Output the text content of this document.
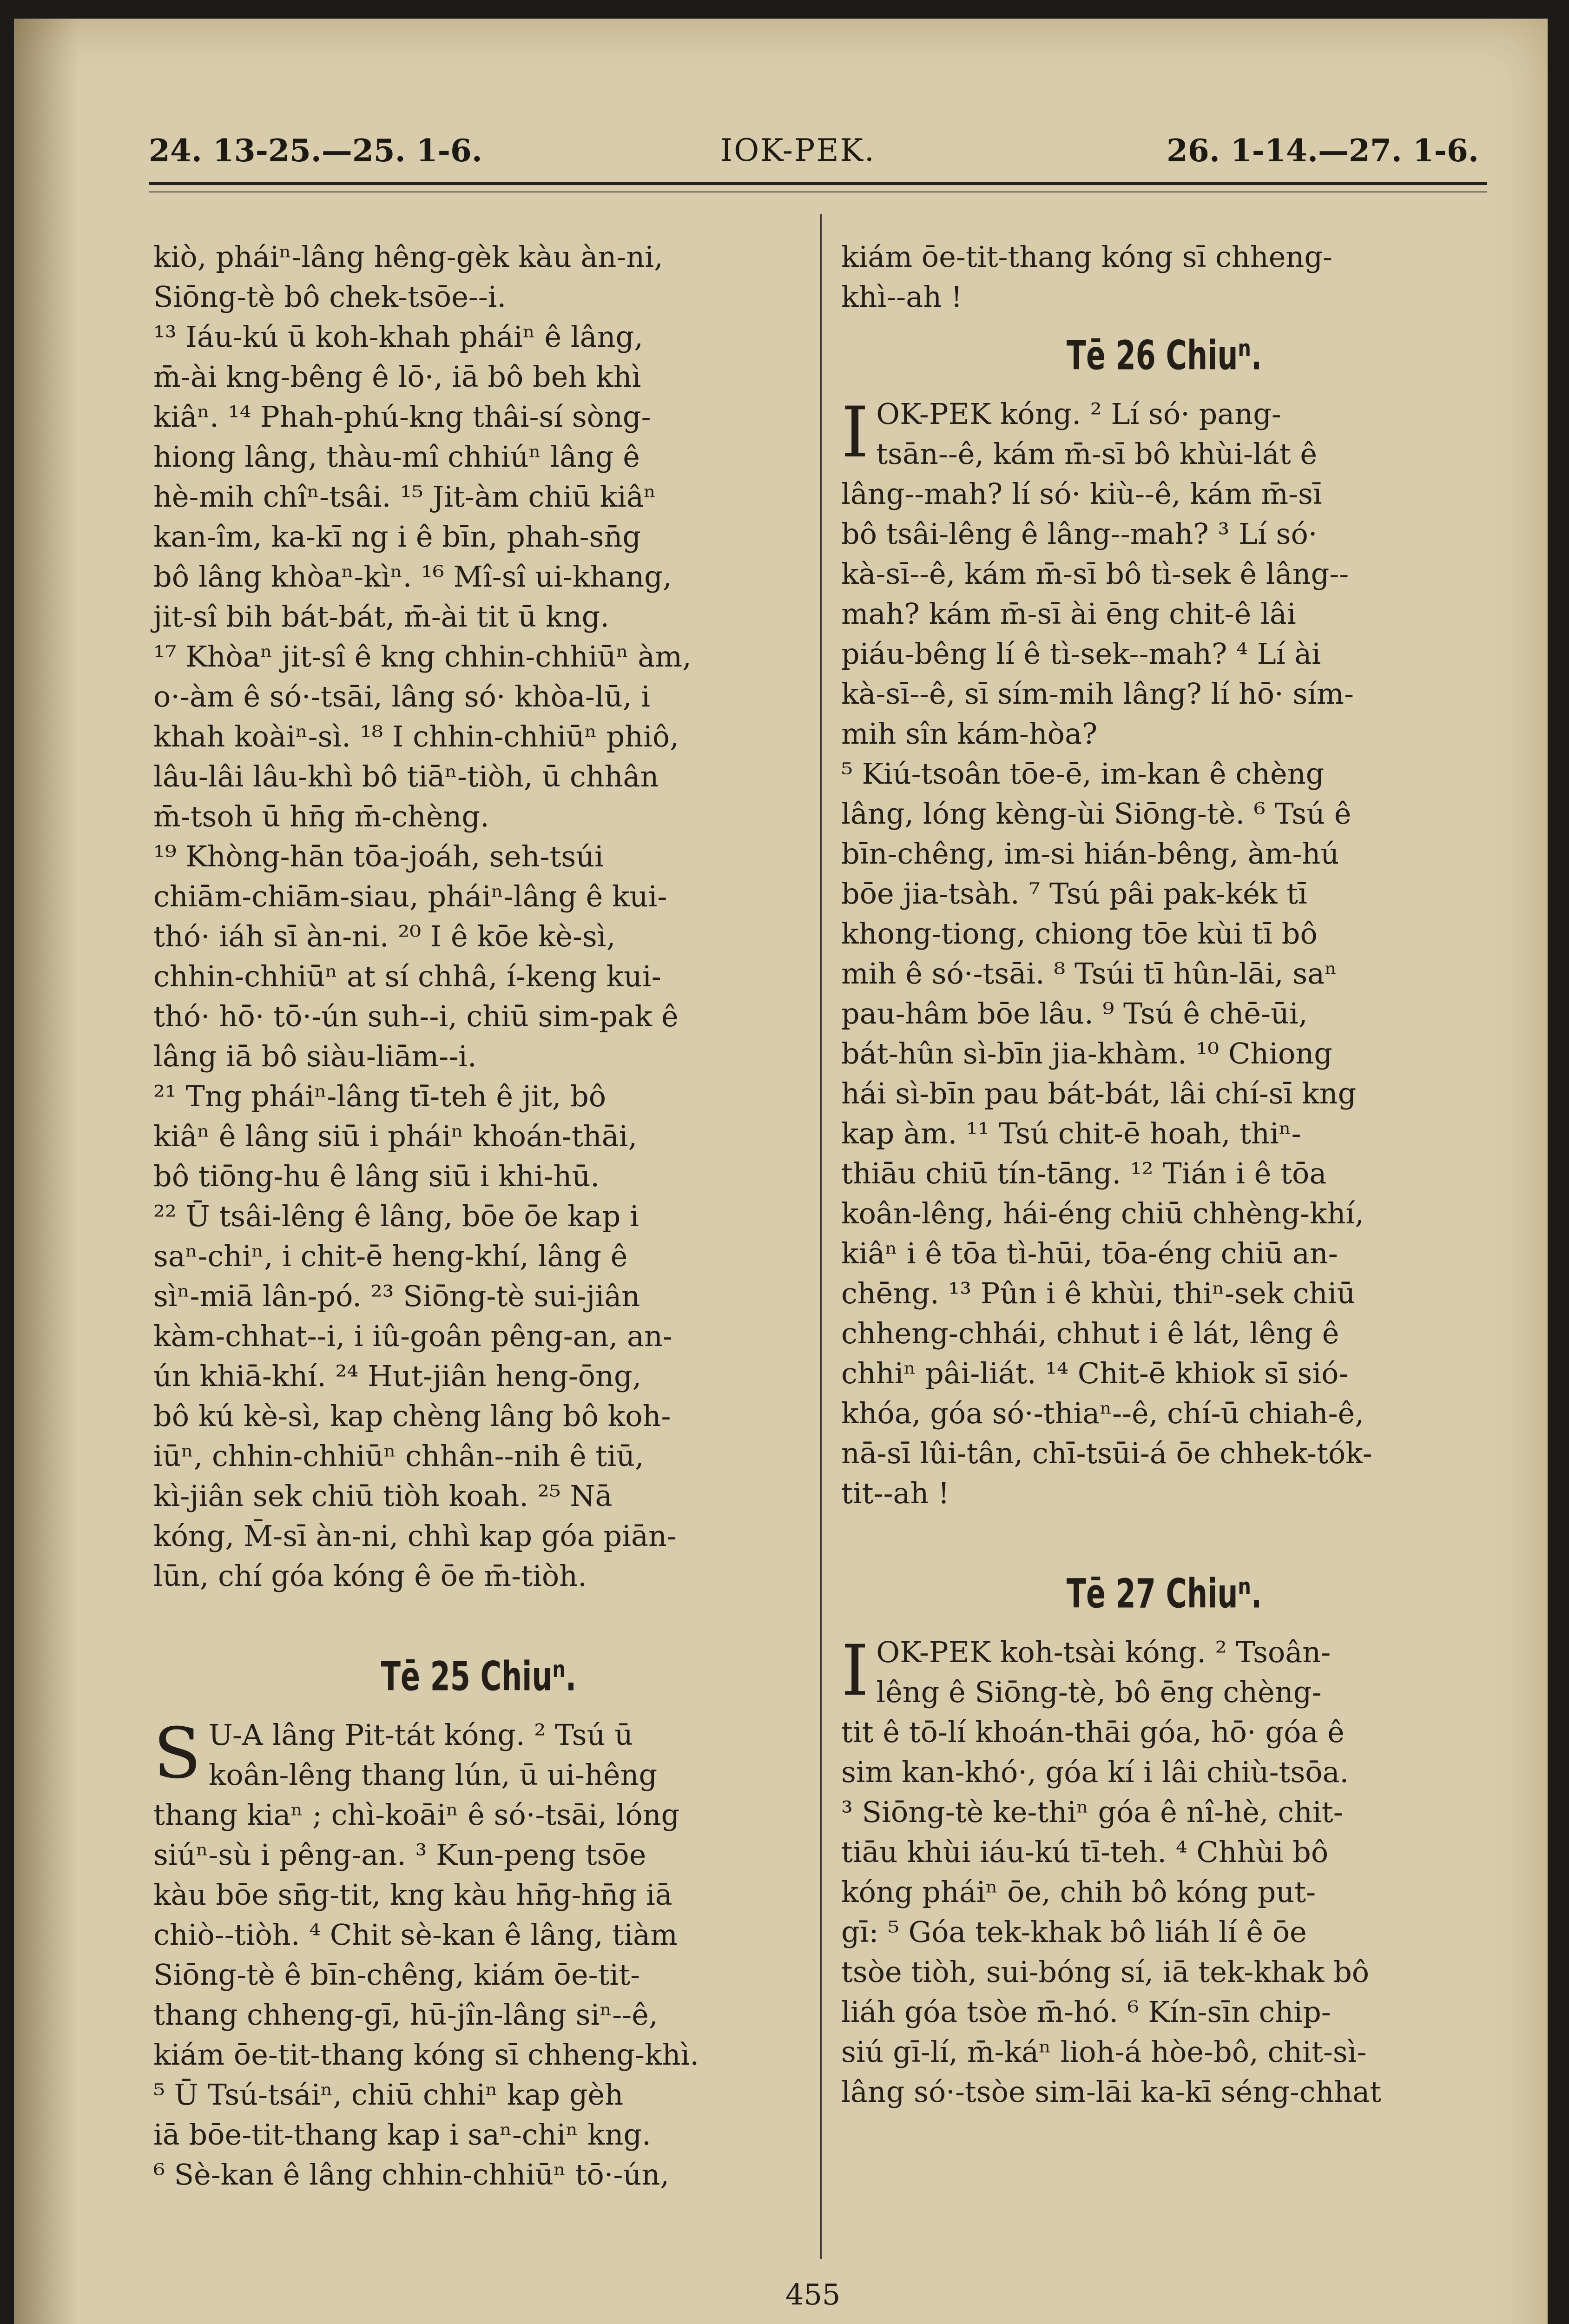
24. 13-25.—25. 1-6.	IOK-PEK.	26. 1-14.—27. 1-6.
kiò, pháiⁿ-lâng hêng-gèk kàu àn-ni,
Siōng-tè bô chek-tsōe--i.
¹³ Iáu-kú ū koh-khah pháiⁿ ê lâng,
m̄-ài kng-bêng ê lō·, iā bô beh khì
kiâⁿ. ¹⁴ Phah-phú-kng thâi-sí sòng-
hiong lâng, thàu-mî chhiúⁿ lâng ê
hè-mih chîⁿ-tsâi. ¹⁵ Jit-àm chiū kiâⁿ
kan-îm, ka-kī ng i ê bīn, phah-sn̄g
bô lâng khòaⁿ-kìⁿ. ¹⁶ Mî-sî ui-khang,
jit-sî bih bát-bát, m̄-ài tit ū kng.
¹⁷ Khòaⁿ jit-sî ê kng chhin-chhiūⁿ àm,
o·-àm ê só·-tsāi, lâng só· khòa-lū, i
khah koàiⁿ-sì. ¹⁸ I chhin-chhiūⁿ phiô,
lâu-lâi lâu-khì bô tiāⁿ-tiòh, ū chhân
m̄-tsoh ū hn̄g m̄-chèng.
¹⁹ Khòng-hān tōa-joáh, seh-tsúi
chiām-chiām-siau, pháiⁿ-lâng ê kui-
thó· iáh sī àn-ni. ²⁰ I ê kōe kè-sì,
chhin-chhiūⁿ at sí chhâ, í-keng kui-
thó· hō· tō·-ún suh--i, chiū sim-pak ê
lâng iā bô siàu-liām--i.
²¹ Tng pháiⁿ-lâng tī-teh ê jit, bô
kiâⁿ ê lâng siū i pháiⁿ khoán-thāi,
bô tiōng-hu ê lâng siū i khi-hū.
²² Ū tsâi-lêng ê lâng, bōe ōe kap i
saⁿ-chiⁿ, i chit-ē heng-khí, lâng ê
sìⁿ-miā lân-pó. ²³ Siōng-tè sui-jiân
kàm-chhat--i, i iû-goân pêng-an, an-
ún khiā-khí. ²⁴ Hut-jiân heng-ōng,
bô kú kè-sì, kap chèng lâng bô koh-
iūⁿ, chhin-chhiūⁿ chhân--nih ê tiū,
kì-jiân sek chiū tiòh koah. ²⁵ Nā
kóng, M̄-sī àn-ni, chhì kap góa piān-
lūn, chí góa kóng ê ōe m̄-tiòh.
Tē 25 Chiuⁿ.
S U-A lâng Pit-tát kóng. ² Tsú ū
koân-lêng thang lún, ū ui-hêng
thang kiaⁿ ; chì-koāiⁿ ê só·-tsāi, lóng
siúⁿ-sù i pêng-an. ³ Kun-peng tsōe
kàu bōe sn̄g-tit, kng kàu hn̄g-hn̄g iā
chiò--tiòh. ⁴ Chit sè-kan ê lâng, tiàm
Siōng-tè ê bīn-chêng, kiám ōe-tit-
thang chheng-gī, hū-jîn-lâng siⁿ--ê,
kiám ōe-tit-thang kóng sī chheng-khì.
⁵ Ū Tsú-tsáiⁿ, chiū chhiⁿ kap gèh
iā bōe-tit-thang kap i saⁿ-chiⁿ kng.
⁶ Sè-kan ê lâng chhin-chhiūⁿ tō·-ún,
kiám ōe-tit-thang kóng sī chheng-
khì--ah !
Tē 26 Chiuⁿ.
I OK-PEK kóng. ² Lí só· pang-
tsān--ê, kám m̄-sī bô khùi-lát ê
lâng--mah? lí só· kiù--ê, kám m̄-sī
bô tsâi-lêng ê lâng--mah? ³ Lí só·
kà-sī--ê, kám m̄-sī bô tì-sek ê lâng--
mah? kám m̄-sī ài ēng chit-ê lâi
piáu-bêng lí ê tì-sek--mah? ⁴ Lí ài
kà-sī--ê, sī sím-mih lâng? lí hō· sím-
mih sîn kám-hòa?
⁵ Kiú-tsoân tōe-ē, im-kan ê chèng
lâng, lóng kèng-ùi Siōng-tè. ⁶ Tsú ê
bīn-chêng, im-si hián-bêng, àm-hú
bōe jia-tsàh. ⁷ Tsú pâi pak-kék tī
khong-tiong, chiong tōe kùi tī bô
mih ê só·-tsāi. ⁸ Tsúi tī hûn-lāi, saⁿ
pau-hâm bōe lâu. ⁹ Tsú ê chē-ūi,
bát-hûn sì-bīn jia-khàm. ¹⁰ Chiong
hái sì-bīn pau bát-bát, lâi chí-sī kng
kap àm. ¹¹ Tsú chit-ē hoah, thiⁿ-
thiāu chiū tín-tāng. ¹² Tián i ê tōa
koân-lêng, hái-éng chiū chhèng-khí,
kiâⁿ i ê tōa tì-hūi, tōa-éng chiū an-
chēng. ¹³ Pûn i ê khùi, thiⁿ-sek chiū
chheng-chhái, chhut i ê lát, lêng ê
chhiⁿ pâi-liát. ¹⁴ Chit-ē khiok sī sió-
khóa, góa só·-thiaⁿ--ê, chí-ū chiah-ê,
nā-sī lûi-tân, chī-tsūi-á ōe chhek-tók-
tit--ah !
Tē 27 Chiuⁿ.
I OK-PEK koh-tsài kóng. ² Tsoân-
lêng ê Siōng-tè, bô ēng chèng-
tit ê tō-lí khoán-thāi góa, hō· góa ê
sim kan-khó·, góa kí i lâi chiù-tsōa.
³ Siōng-tè ke-thiⁿ góa ê nî-hè, chit-
tiāu khùi iáu-kú tī-teh. ⁴ Chhùi bô
kóng pháiⁿ ōe, chih bô kóng put-
gī: ⁵ Góa tek-khak bô liáh lí ê ōe
tsòe tiòh, sui-bóng sí, iā tek-khak bô
liáh góa tsòe m̄-hó. ⁶ Kín-sīn chip-
siú gī-lí, m̄-káⁿ lioh-á hòe-bô, chit-sì-
lâng só·-tsòe sim-lāi ka-kī séng-chhat
455
